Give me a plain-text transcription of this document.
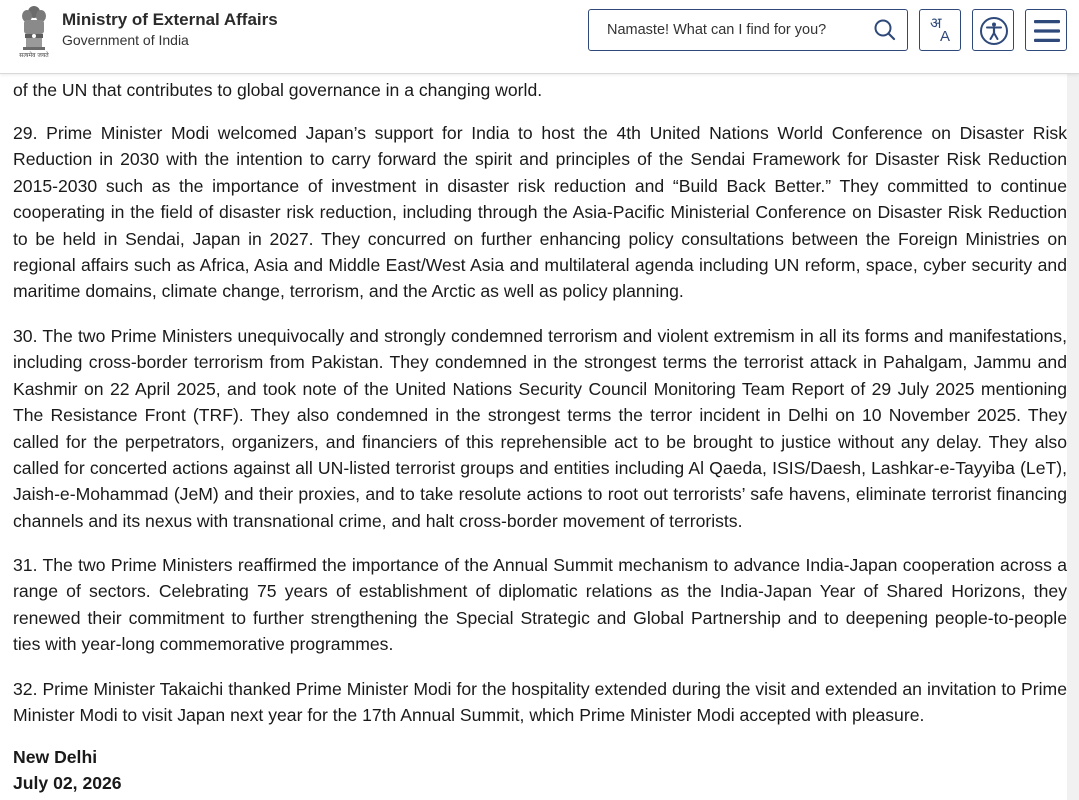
सत्यमेव जयते
Ministry of External Affairs
Government of India
Namaste! What can I find for you?
अ
A

of the UN that contributes to global governance in a changing world.

29. Prime Minister Modi welcomed Japan’s support for India to host the 4th United Nations World Conference on Disaster Risk Reduction in 2030 with the intention to carry forward the spirit and principles of the Sendai Framework for Disaster Risk Reduction 2015-2030 such as the importance of investment in disaster risk reduction and “Build Back Better.” They committed to continue cooperating in the field of disaster risk reduction, including through the Asia-Pacific Ministerial Conference on Disaster Risk Reduction to be held in Sendai, Japan in 2027. They concurred on further enhancing policy consultations between the Foreign Ministries on regional affairs such as Africa, Asia and Middle East/West Asia and multilateral agenda including UN reform, space, cyber security and maritime domains, climate change, terrorism, and the Arctic as well as policy planning.

30. The two Prime Ministers unequivocally and strongly condemned terrorism and violent extremism in all its forms and manifestations, including cross-border terrorism from Pakistan. They condemned in the strongest terms the terrorist attack in Pahalgam, Jammu and Kashmir on 22 April 2025, and took note of the United Nations Security Council Monitoring Team Report of 29 July 2025 mentioning The Resistance Front (TRF). They also condemned in the strongest terms the terror incident in Delhi on 10 November 2025. They called for the perpetrators, organizers, and financiers of this reprehensible act to be brought to justice without any delay. They also called for concerted actions against all UN-listed terrorist groups and entities including Al Qaeda, ISIS/Daesh, Lashkar-e-Tayyiba (LeT), Jaish-e-Mohammad (JeM) and their proxies, and to take resolute actions to root out terrorists’ safe havens, eliminate terrorist financing channels and its nexus with transnational crime, and halt cross-border movement of terrorists.

31. The two Prime Ministers reaffirmed the importance of the Annual Summit mechanism to advance India-Japan cooperation across a range of sectors. Celebrating 75 years of establishment of diplomatic relations as the India-Japan Year of Shared Horizons, they renewed their commitment to further strengthening the Special Strategic and Global Partnership and to deepening people-to-people ties with year-long commemorative programmes.

32. Prime Minister Takaichi thanked Prime Minister Modi for the hospitality extended during the visit and extended an invitation to Prime Minister Modi to visit Japan next year for the 17th Annual Summit, which Prime Minister Modi accepted with pleasure.

New Delhi
July 02, 2026
